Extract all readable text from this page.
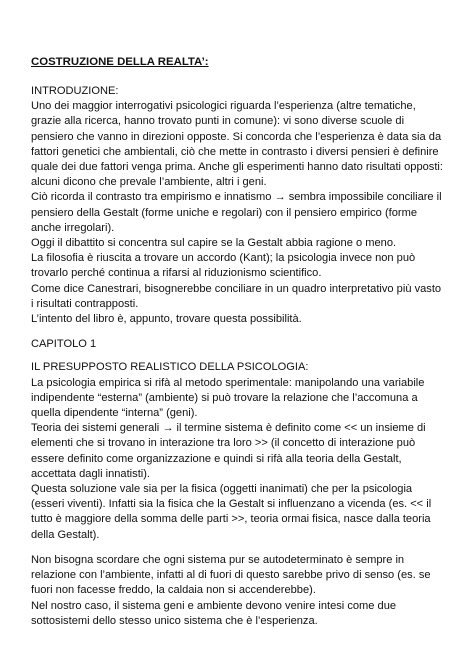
COSTRUZIONE DELLA REALTA’:
INTRODUZIONE:

Uno dei maggior interrogativi psicologici riguarda l’esperienza (altre tematiche, grazie alla ricerca, hanno trovato punti in comune): vi sono diverse scuole di pensiero che vanno in direzioni opposte. Si concorda che l’esperienza è data sia da fattori genetici che ambientali, ciò che mette in contrasto i diversi pensieri è definire quale dei due fattori venga prima. Anche gli esperimenti hanno dato risultati opposti: alcuni dicono che prevale l’ambiente, altri i geni.

Ciò ricorda il contrasto tra empirismo e innatismo → sembra impossibile conciliare il pensiero della Gestalt (forme uniche e regolari) con il pensiero empirico (forme anche irregolari).

Oggi il dibattito si concentra sul capire se la Gestalt abbia ragione o meno.

La filosofia è riuscita a trovare un accordo (Kant); la psicologia invece non può trovarlo perché continua a rifarsi al riduzionismo scientifico.

Come dice Canestrari, bisognerebbe conciliare in un quadro interpretativo più vasto i risultati contrapposti.

L’intento del libro è, appunto, trovare questa possibilità.

CAPITOLO 1
IL PRESUPPOSTO REALISTICO DELLA PSICOLOGIA:

La psicologia empirica si rifà al metodo sperimentale: manipolando una variabile indipendente “esterna” (ambiente) si può trovare la relazione che l’accomuna a quella dipendente “interna” (geni).

Teoria dei sistemi generali → il termine sistema è definito come << un insieme di elementi che si trovano in interazione tra loro >> (il concetto di interazione può essere definito come organizzazione e quindi si rifà alla teoria della Gestalt, accettata dagli innatisti).

Questa soluzione vale sia per la fisica (oggetti inanimati) che per la psicologia (esseri viventi). Infatti sia la fisica che la Gestalt si influenzano a vicenda (es. << il tutto è maggiore della somma delle parti >>, teoria ormai fisica, nasce dalla teoria della Gestalt).

Non bisogna scordare che ogni sistema pur se autodeterminato è sempre in relazione con l’ambiente, infatti al di fuori di questo sarebbe privo di senso (es. se fuori non facesse freddo, la caldaia non si accenderebbe).

Nel nostro caso, il sistema geni e ambiente devono venire intesi come due sottosistemi dello stesso unico sistema che è l’esperienza.
